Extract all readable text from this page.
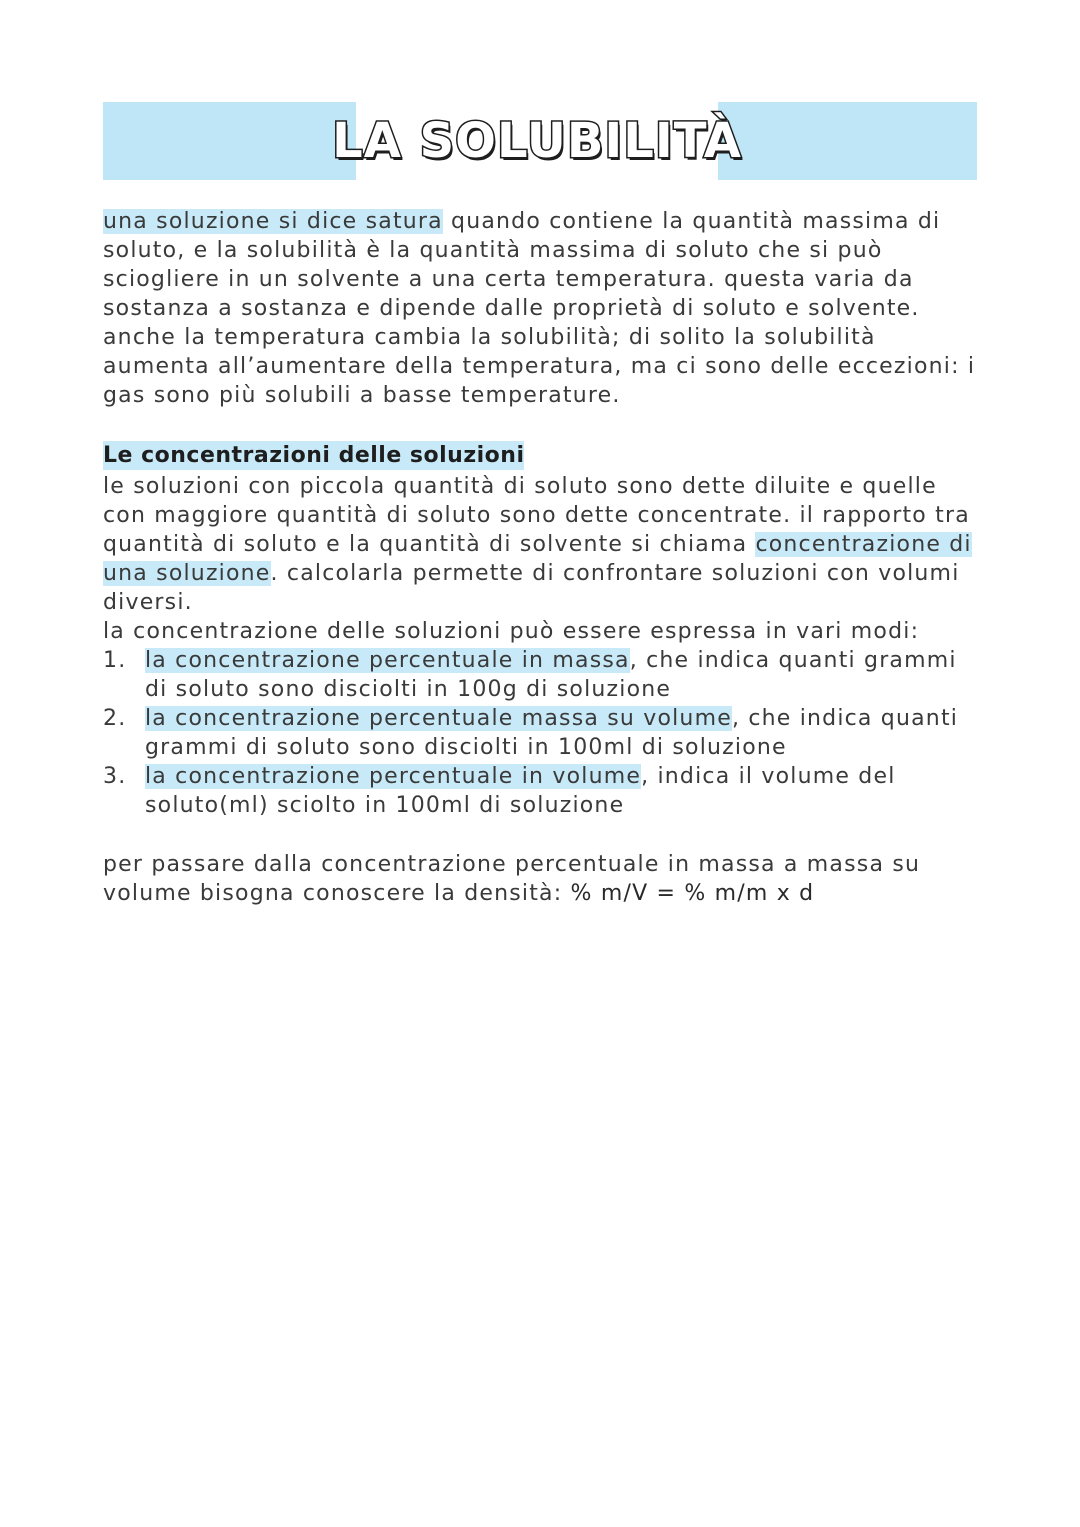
LA SOLUBILITÀ

una soluzione si dice satura quando contiene la quantità massima di soluto, e la solubilità è la quantità massima di soluto che si può sciogliere in un solvente a una certa temperatura. questa varia da sostanza a sostanza e dipende dalle proprietà di soluto e solvente. anche la temperatura cambia la solubilità; di solito la solubilità aumenta all’aumentare della temperatura, ma ci sono delle eccezioni: i gas sono più solubili a basse temperature.

Le concentrazioni delle soluzioni

le soluzioni con piccola quantità di soluto sono dette diluite e quelle con maggiore quantità di soluto sono dette concentrate. il rapporto tra quantità di soluto e la quantità di solvente si chiama concentrazione di una soluzione. calcolarla permette di confrontare soluzioni con volumi diversi.

la concentrazione delle soluzioni può essere espressa in vari modi:

1. la concentrazione percentuale in massa, che indica quanti grammi di soluto sono disciolti in 100g di soluzione
2. la concentrazione percentuale massa su volume, che indica quanti grammi di soluto sono disciolti in 100ml di soluzione
3. la concentrazione percentuale in volume, indica il volume del soluto(ml) sciolto in 100ml di soluzione

per passare dalla concentrazione percentuale in massa a massa su volume bisogna conoscere la densità: % m/V = % m/m x d
